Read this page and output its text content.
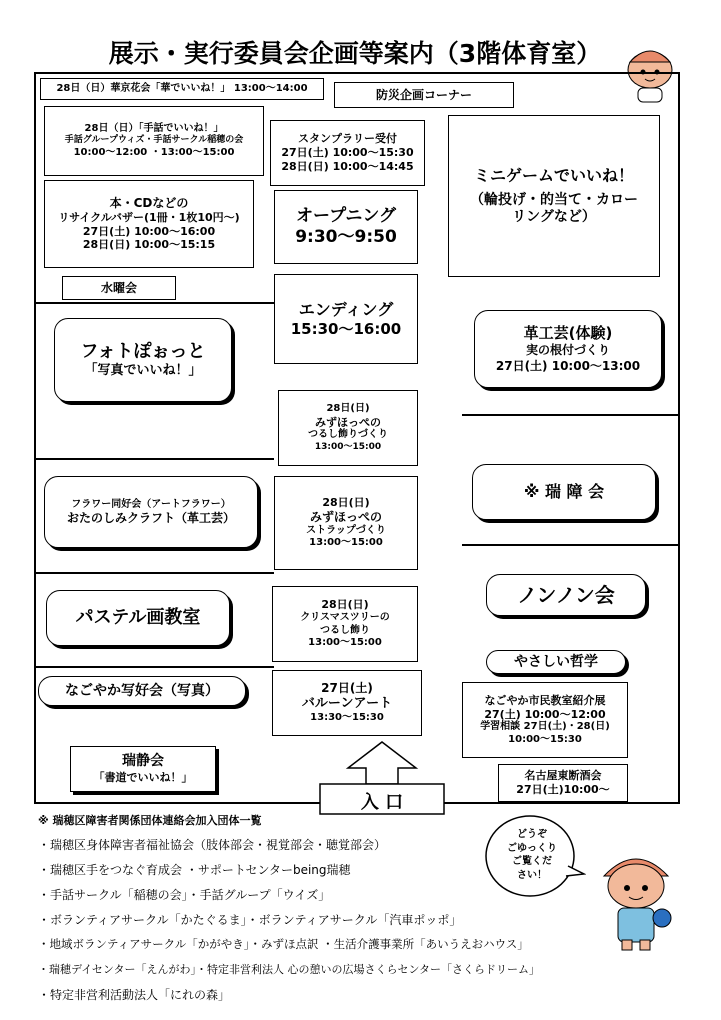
展示・実行委員会企画等案内（3階体育室）
28日（日）華京花会「華でいいね！」 13:00～14:00	防災企画コーナー
28日（日）「手話でいいね！」
手話グループウィズ・手話サークル稲穂の会
10:00～12:00 ・13:00～15:00
スタンプラリー受付
27日(土) 10:00～15:30
28日(日) 10:00～14:45	ミニゲームでいいね！
（輪投げ・的当て・カローリングなど）
本・CDなどの
リサイクルバザー(1冊・1枚10円～)
27日(土) 10:00～16:00
28日(日) 10:00～15:15
オープニング
9:30～9:50
水曜会
エンディング
15:30～16:00
フォトぽぉっと
「写真でいいね！」
革工芸(体験)
実の根付づくり
27日(土) 10:00～13:00
28日(日)
みずほっぺの
つるし飾りづくり
13:00～15:00
フラワー同好会（アートフラワー）
おたのしみクラフト（革工芸）
28日(日)
みずほっぺの
ストラップづくり
13:00～15:00
※ 瑞 障 会
パステル画教室
28日(日)
クリスマスツリーの
つるし飾り
13:00～15:00
ノンノン会
やさしい哲学
なごやか写好会（写真）	27日(土)
バルーンアート
13:30～15:30
なごやか市民教室紹介展
27(土) 10:00～12:00
学習相談 27日(土)・28(日)
10:00～15:30
瑞静会
「書道でいいね！」	名古屋東断酒会
27日(土)10:00～
入 口
どうぞ
ごゆっくり
ご覧くだ
さい！
※ 瑞穂区障害者関係団体連絡会加入団体一覧
・瑞穂区身体障害者福祉協会（肢体部会・視覚部会・聴覚部会）
・瑞穂区手をつなぐ育成会 ・サポートセンターbeing瑞穂
・手話サークル「稲穂の会」・手話グループ「ウイズ」
・ボランティアサークル「かたぐるま」・ボランティアサークル「汽車ポッポ」
・地域ボランティアサークル「かがやき」・みずほ点訳 ・生活介護事業所「あいうえおハウス」
・瑞穂デイセンター「えんがわ」・特定非営利法人 心の憩いの広場さくらセンター「さくらドリーム」
・特定非営利活動法人「にれの森」
